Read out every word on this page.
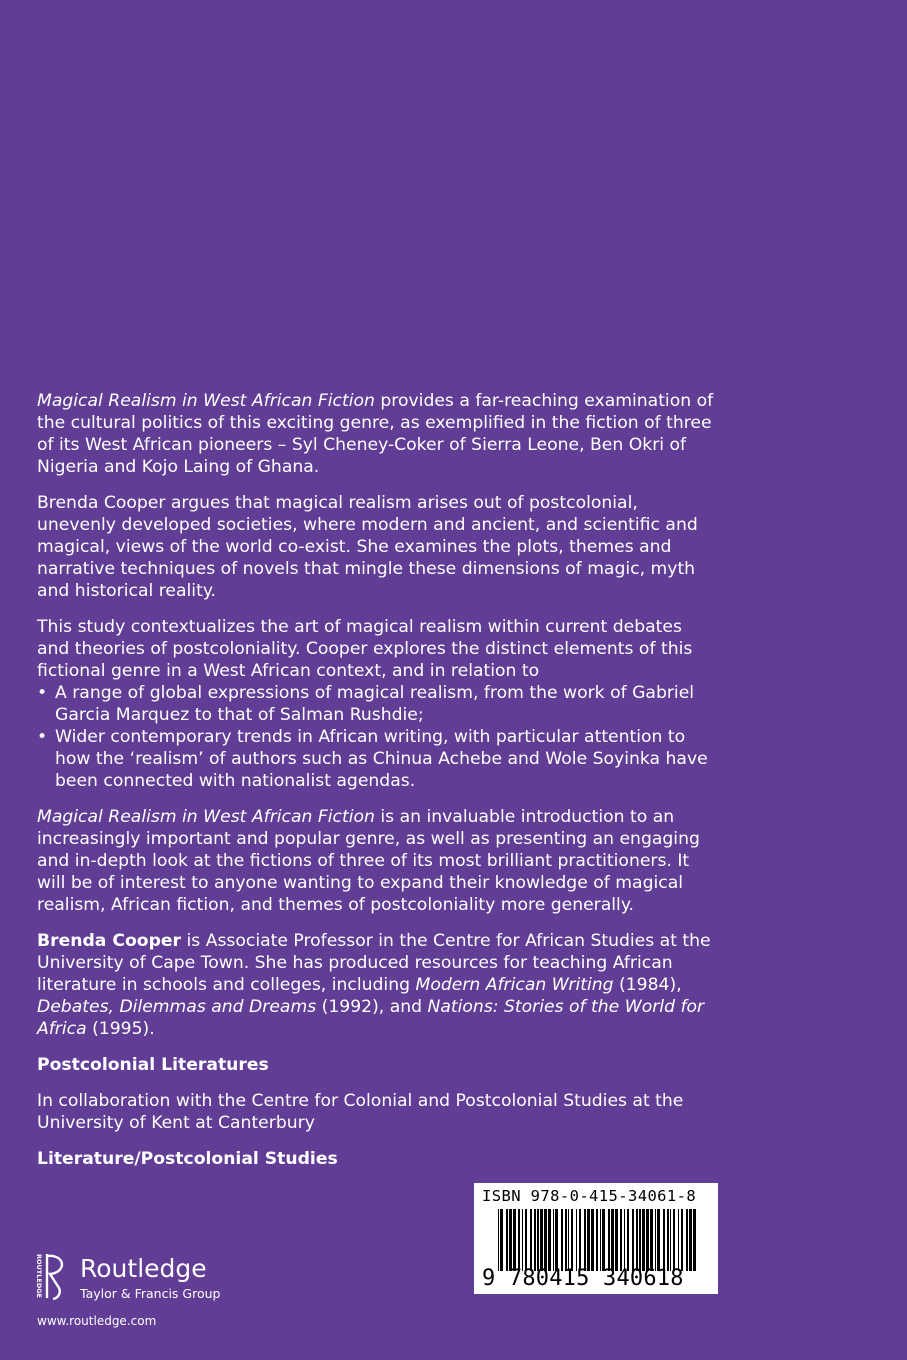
Magical Realism in West African Fiction provides a far-reaching examination of the cultural politics of this exciting genre, as exemplified in the fiction of three of its West African pioneers – Syl Cheney-Coker of Sierra Leone, Ben Okri of Nigeria and Kojo Laing of Ghana.

Brenda Cooper argues that magical realism arises out of postcolonial, unevenly developed societies, where modern and ancient, and scientific and magical, views of the world co-exist. She examines the plots, themes and narrative techniques of novels that mingle these dimensions of magic, myth and historical reality.

This study contextualizes the art of magical realism within current debates and theories of postcoloniality. Cooper explores the distinct elements of this fictional genre in a West African context, and in relation to

• A range of global expressions of magical realism, from the work of Gabriel Garcia Marquez to that of Salman Rushdie;
• Wider contemporary trends in African writing, with particular attention to how the ‘realism’ of authors such as Chinua Achebe and Wole Soyinka have been connected with nationalist agendas.

Magical Realism in West African Fiction is an invaluable introduction to an increasingly important and popular genre, as well as presenting an engaging and in-depth look at the fictions of three of its most brilliant practitioners. It will be of interest to anyone wanting to expand their knowledge of magical realism, African fiction, and themes of postcoloniality more generally.

Brenda Cooper is Associate Professor in the Centre for African Studies at the University of Cape Town. She has produced resources for teaching African literature in schools and colleges, including Modern African Writing (1984), Debates, Dilemmas and Dreams (1992), and Nations: Stories of the World for Africa (1995).

Postcolonial Literatures

In collaboration with the Centre for Colonial and Postcolonial Studies at the University of Kent at Canterbury

Literature/Postcolonial Studies

ISBN 978-0-415-34061-8
9 780415 340618
ROUTLEDGE Routledge
Taylor & Francis Group
www.routledge.com
